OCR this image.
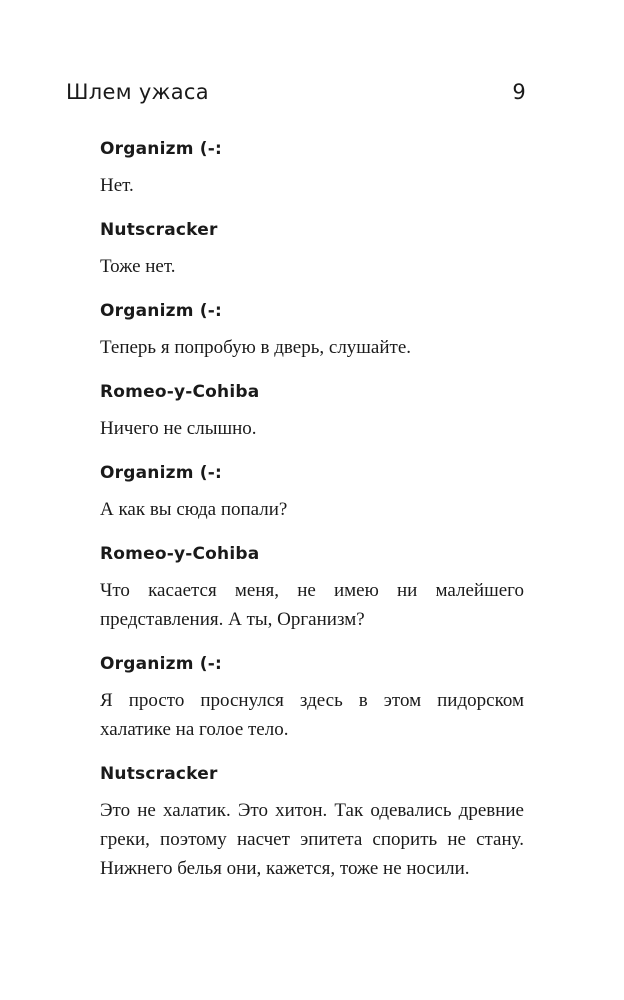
Шлем ужаса	9

Organizm (-:

Нет.

Nutscracker

Тоже нет.

Organizm (-:

Теперь я попробую в дверь, слушайте.

Romeo-y-Cohiba

Ничего не слышно.

Organizm (-:

А как вы сюда попали?

Romeo-y-Cohiba

Что касается меня, не имею ни малейшего представления. А ты, Организм?

Organizm (-:

Я просто проснулся здесь в этом пидорском халатике на голое тело.

Nutscracker

Это не халатик. Это хитон. Так одевались древние греки, поэтому насчет эпитета спорить не стану. Нижнего белья они, кажется, тоже не носили.
